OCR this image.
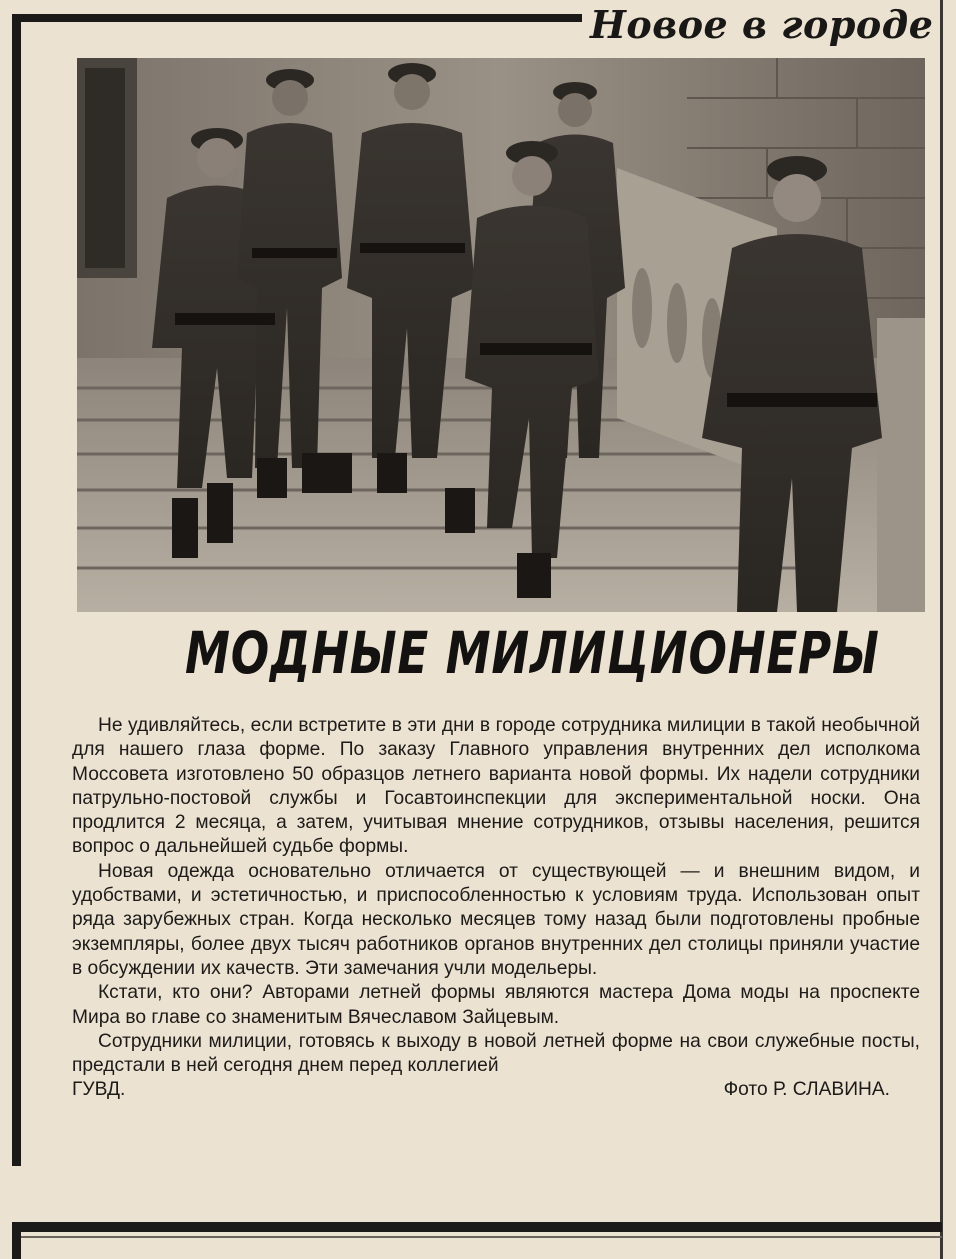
Новое в городе
МОДНЫЕ МИЛИЦИОНЕРЫ

Не удивляйтесь, если встретите в эти дни в городе сотрудника милиции в такой необычной для нашего глаза форме. По заказу Главного управления внутренних дел исполкома Моссовета изготовлено 50 образцов летнего варианта новой формы. Их надели сотрудники патрульно-постовой службы и Госавтоинспекции для экспериментальной носки. Она продлится 2 месяца, а затем, учитывая мнение сотрудников, отзывы населения, решится вопрос о дальнейшей судьбе формы.

Новая одежда основательно отличается от существующей — и внешним видом, и удобствами, и эстетичностью, и приспособленностью к условиям труда. Использован опыт ряда зарубежных стран. Когда несколько месяцев тому назад были подготовлены пробные экземпляры, более двух тысяч работников органов внутренних дел столицы приняли участие в обсуждении их качеств. Эти замечания учли модельеры.

Кстати, кто они? Авторами летней формы являются мастера Дома моды на проспекте Мира во главе со знаменитым Вячеславом Зайцевым.

Сотрудники милиции, готовясь к выходу в новой летней форме на свои служебные посты, предстали в ней сегодня днем перед коллегией

ГУВД.	Фото Р. СЛАВИНА.
